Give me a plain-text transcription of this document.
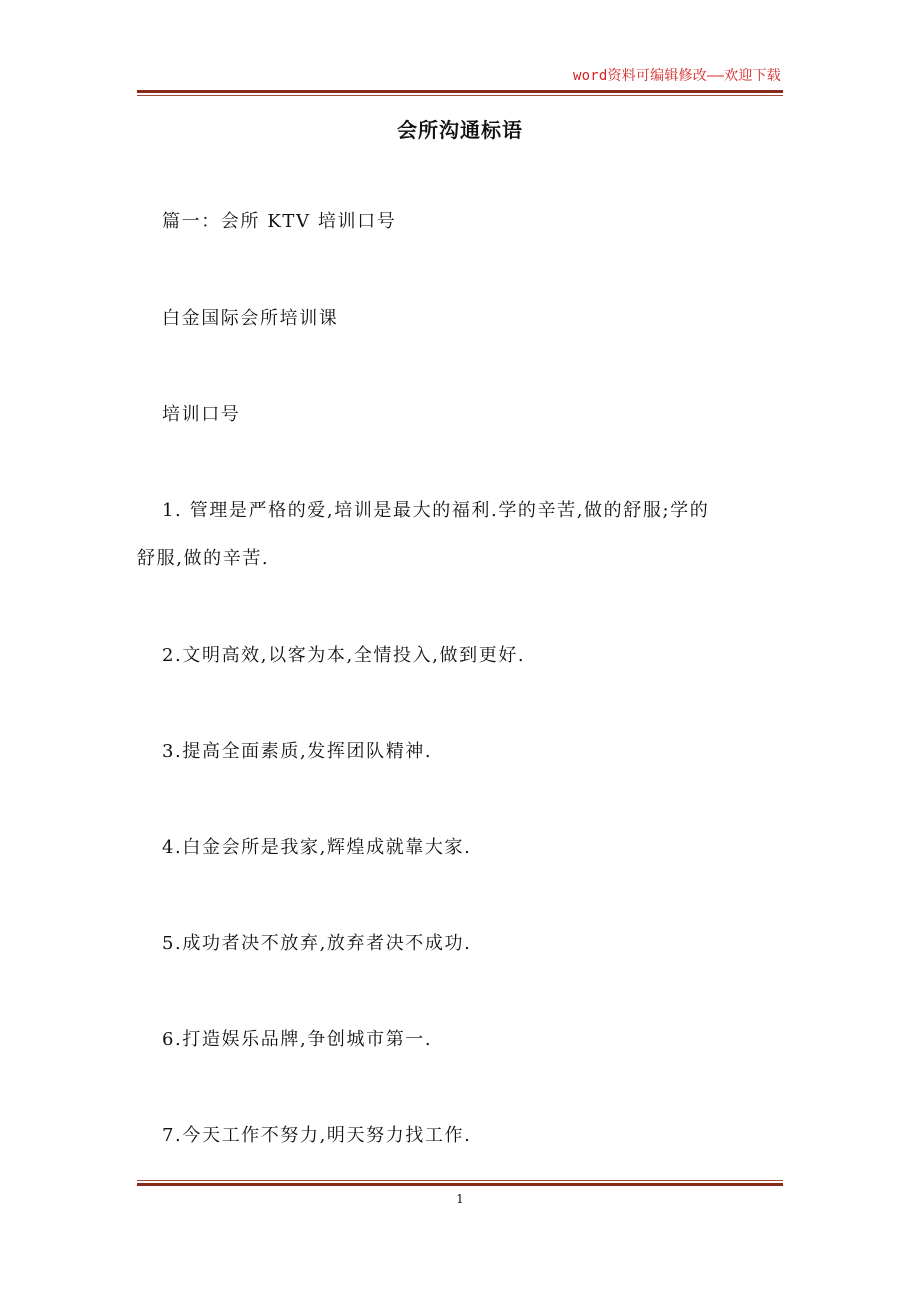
word资料可编辑修改——欢迎下载
会所沟通标语
篇一：会所 KTV 培训口号
白金国际会所培训课
培训口号
1. 管理是严格的爱,培训是最大的福利.学的辛苦,做的舒服;学的
舒服,做的辛苦.
2.文明高效,以客为本,全情投入,做到更好.
3.提高全面素质,发挥团队精神.
4.白金会所是我家,辉煌成就靠大家.
5.成功者决不放弃,放弃者决不成功.
6.打造娱乐品牌,争创城市第一.
7.今天工作不努力,明天努力找工作.
1
